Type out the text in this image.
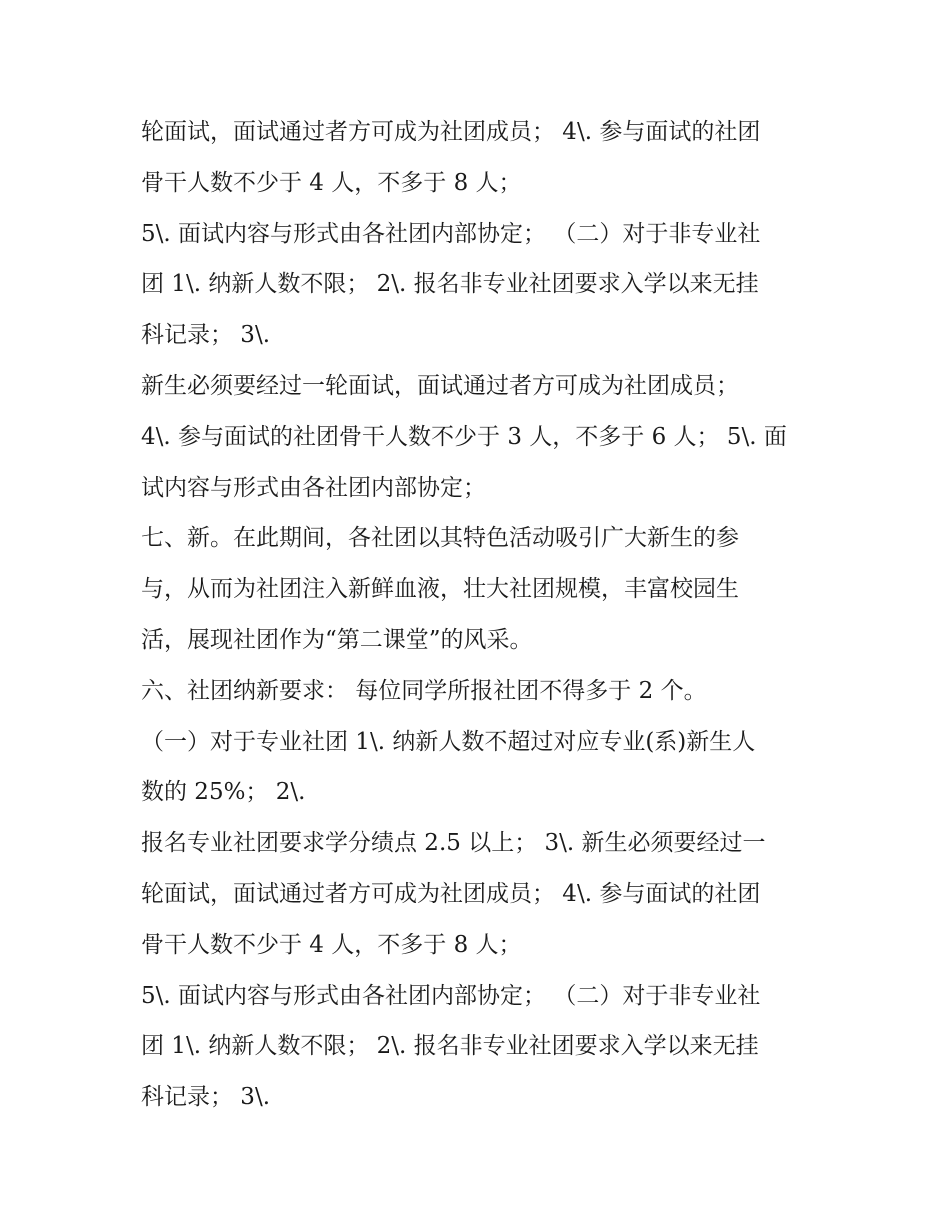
轮面试，面试通过者方可成为社团成员； 4\. 参与面试的社团
骨干人数不少于 4 人，不多于 8 人；
5\. 面试内容与形式由各社团内部协定； （二）对于非专业社
团 1\. 纳新人数不限； 2\. 报名非专业社团要求入学以来无挂
科记录； 3\.
新生必须要经过一轮面试，面试通过者方可成为社团成员；
4\. 参与面试的社团骨干人数不少于 3 人，不多于 6 人； 5\. 面
试内容与形式由各社团内部协定；
七、新。在此期间，各社团以其特色活动吸引广大新生的参
与，从而为社团注入新鲜血液，壮大社团规模，丰富校园生
活，展现社团作为“第二课堂”的风采。
六、社团纳新要求： 每位同学所报社团不得多于 2 个。
（一）对于专业社团 1\. 纳新人数不超过对应专业(系)新生人
数的 25%； 2\.
报名专业社团要求学分绩点 2.5 以上； 3\. 新生必须要经过一
轮面试，面试通过者方可成为社团成员； 4\. 参与面试的社团
骨干人数不少于 4 人，不多于 8 人；
5\. 面试内容与形式由各社团内部协定； （二）对于非专业社
团 1\. 纳新人数不限； 2\. 报名非专业社团要求入学以来无挂
科记录； 3\.
